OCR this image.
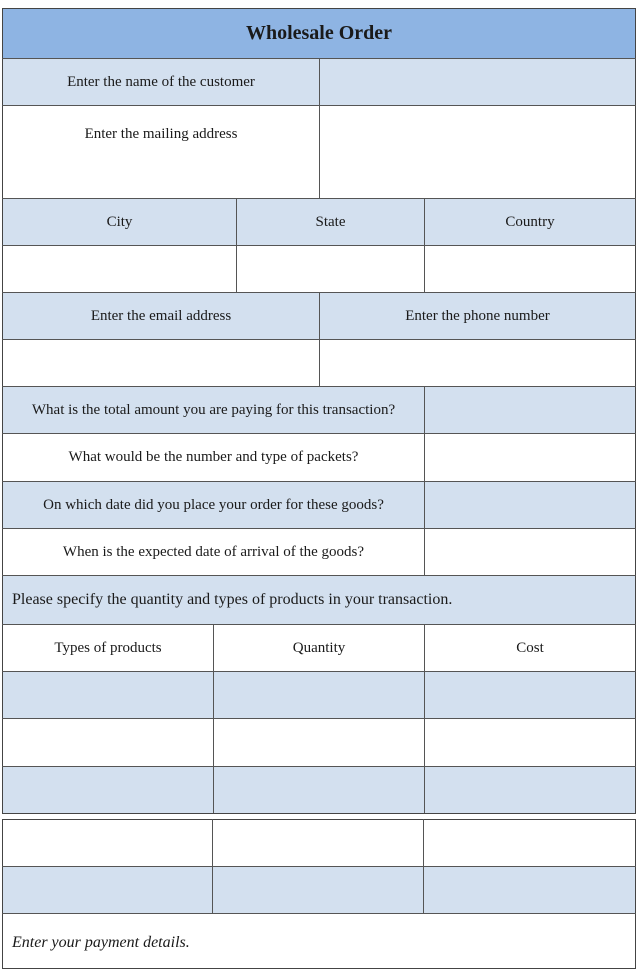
Wholesale Order
Enter the name of the customer
Enter the mailing address
City	State	Country
Enter the email address	Enter the phone number
What is the total amount you are paying for this transaction?
What would be the number and type of packets?
On which date did you place your order for these goods?
When is the expected date of arrival of the goods?
Please specify the quantity and types of products in your transaction.
Types of products	Quantity	Cost
Enter your payment details.
